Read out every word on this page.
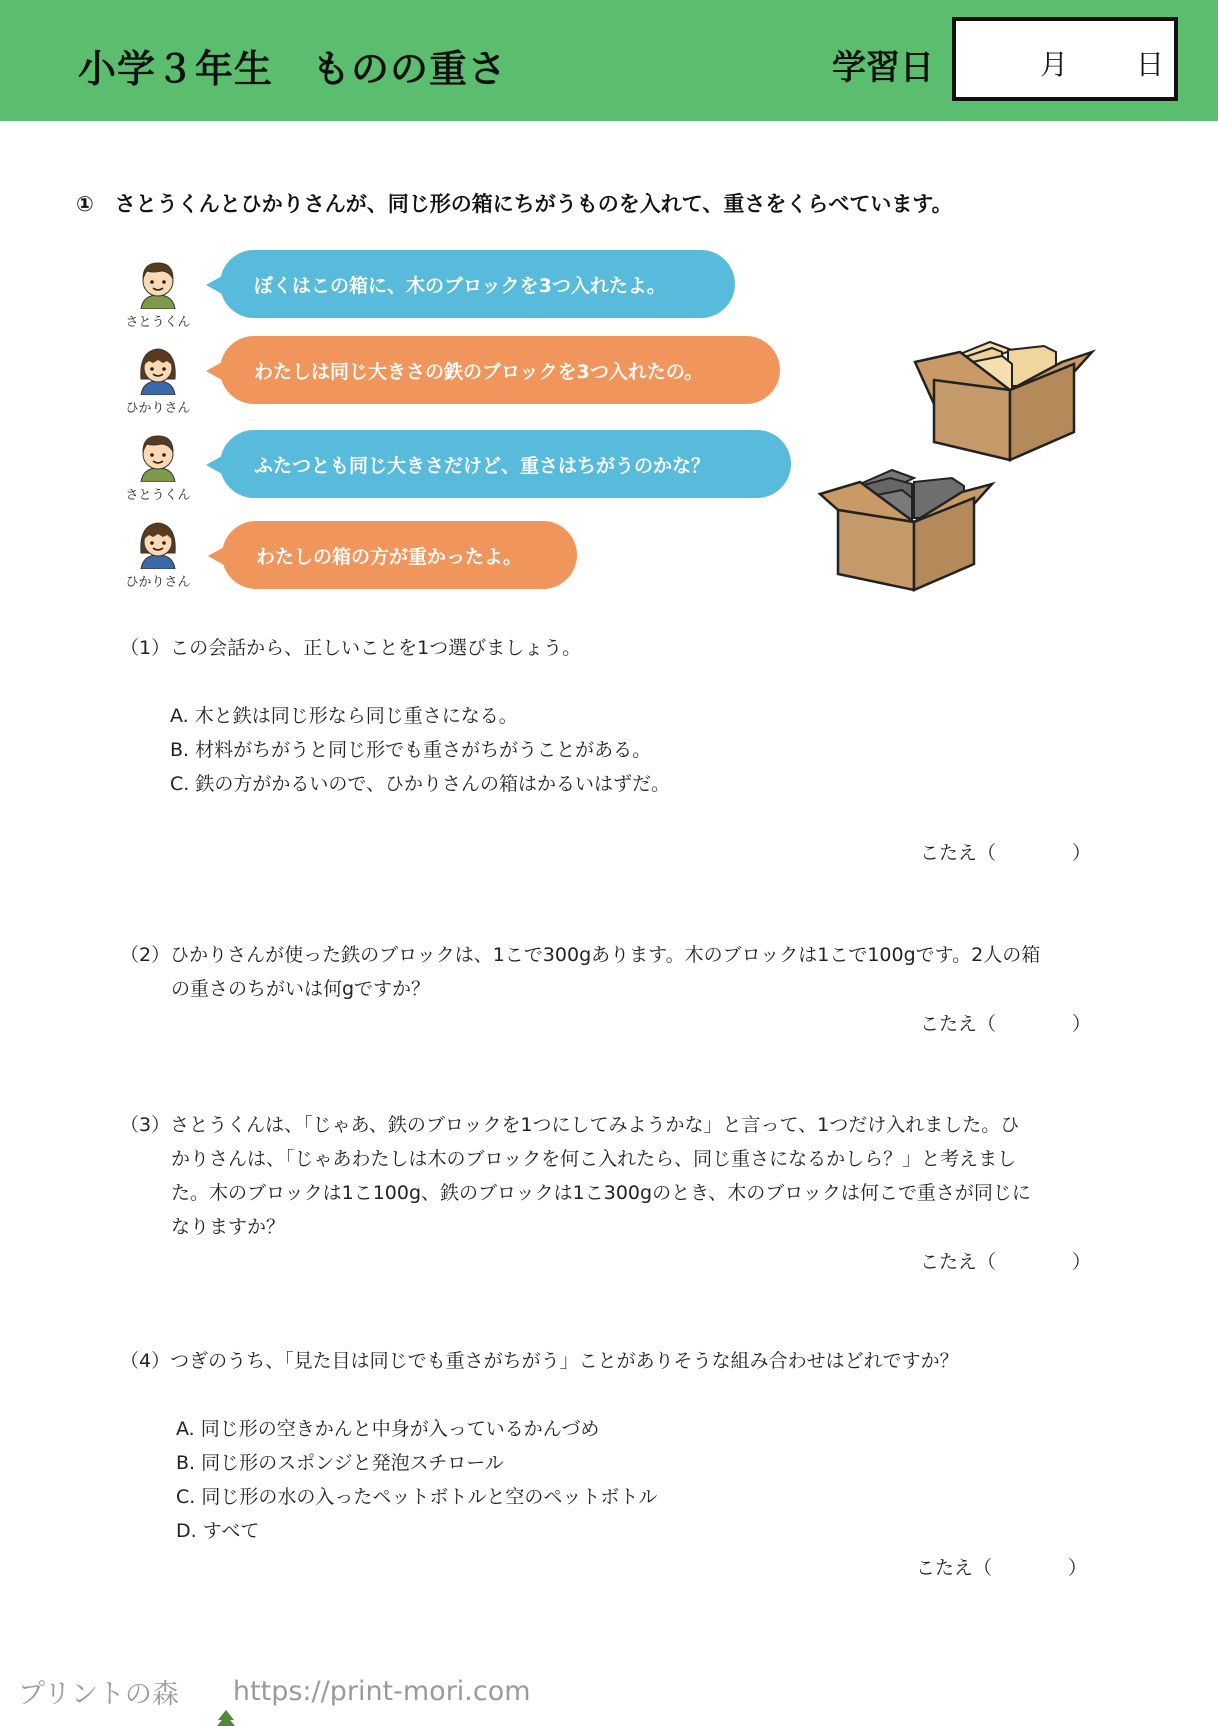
小学３年生　ものの重さ	学習日	月 日
①　さとうくんとひかりさんが、同じ形の箱にちがうものを入れて、重さをくらべています。
さとうくん
ひかりさん
さとうくん
ひかりさん
ぼくはこの箱に、木のブロックを3つ入れたよ。
わたしは同じ大きさの鉄のブロックを3つ入れたの。
ふたつとも同じ大きさだけど、重さはちがうのかな？
わたしの箱の方が重かったよ。
（1）この会話から、正しいことを1つ選びましょう。
A. 木と鉄は同じ形なら同じ重さになる。
B. 材料がちがうと同じ形でも重さがちがうことがある。
C. 鉄の方がかるいので、ひかりさんの箱はかるいはずだ。
こたえ（　　　　）
（2）ひかりさんが使った鉄のブロックは、1こで300gあります。木のブロックは1こで100gです。2人の箱
の重さのちがいは何gですか？
こたえ（　　　　）
（3）さとうくんは、「じゃあ、鉄のブロックを1つにしてみようかな」と言って、1つだけ入れました。ひ
かりさんは、「じゃあわたしは木のブロックを何こ入れたら、同じ重さになるかしら？」と考えまし
た。木のブロックは1こ100g、鉄のブロックは1こ300gのとき、木のブロックは何こで重さが同じに
なりますか？
こたえ（　　　　）
（4）つぎのうち、「見た目は同じでも重さがちがう」ことがありそうな組み合わせはどれですか？
A. 同じ形の空きかんと中身が入っているかんづめ
B. 同じ形のスポンジと発泡スチロール
C. 同じ形の水の入ったペットボトルと空のペットボトル
D. すべて
こたえ（　　　　）
プリントの森

https://print-mori.com
